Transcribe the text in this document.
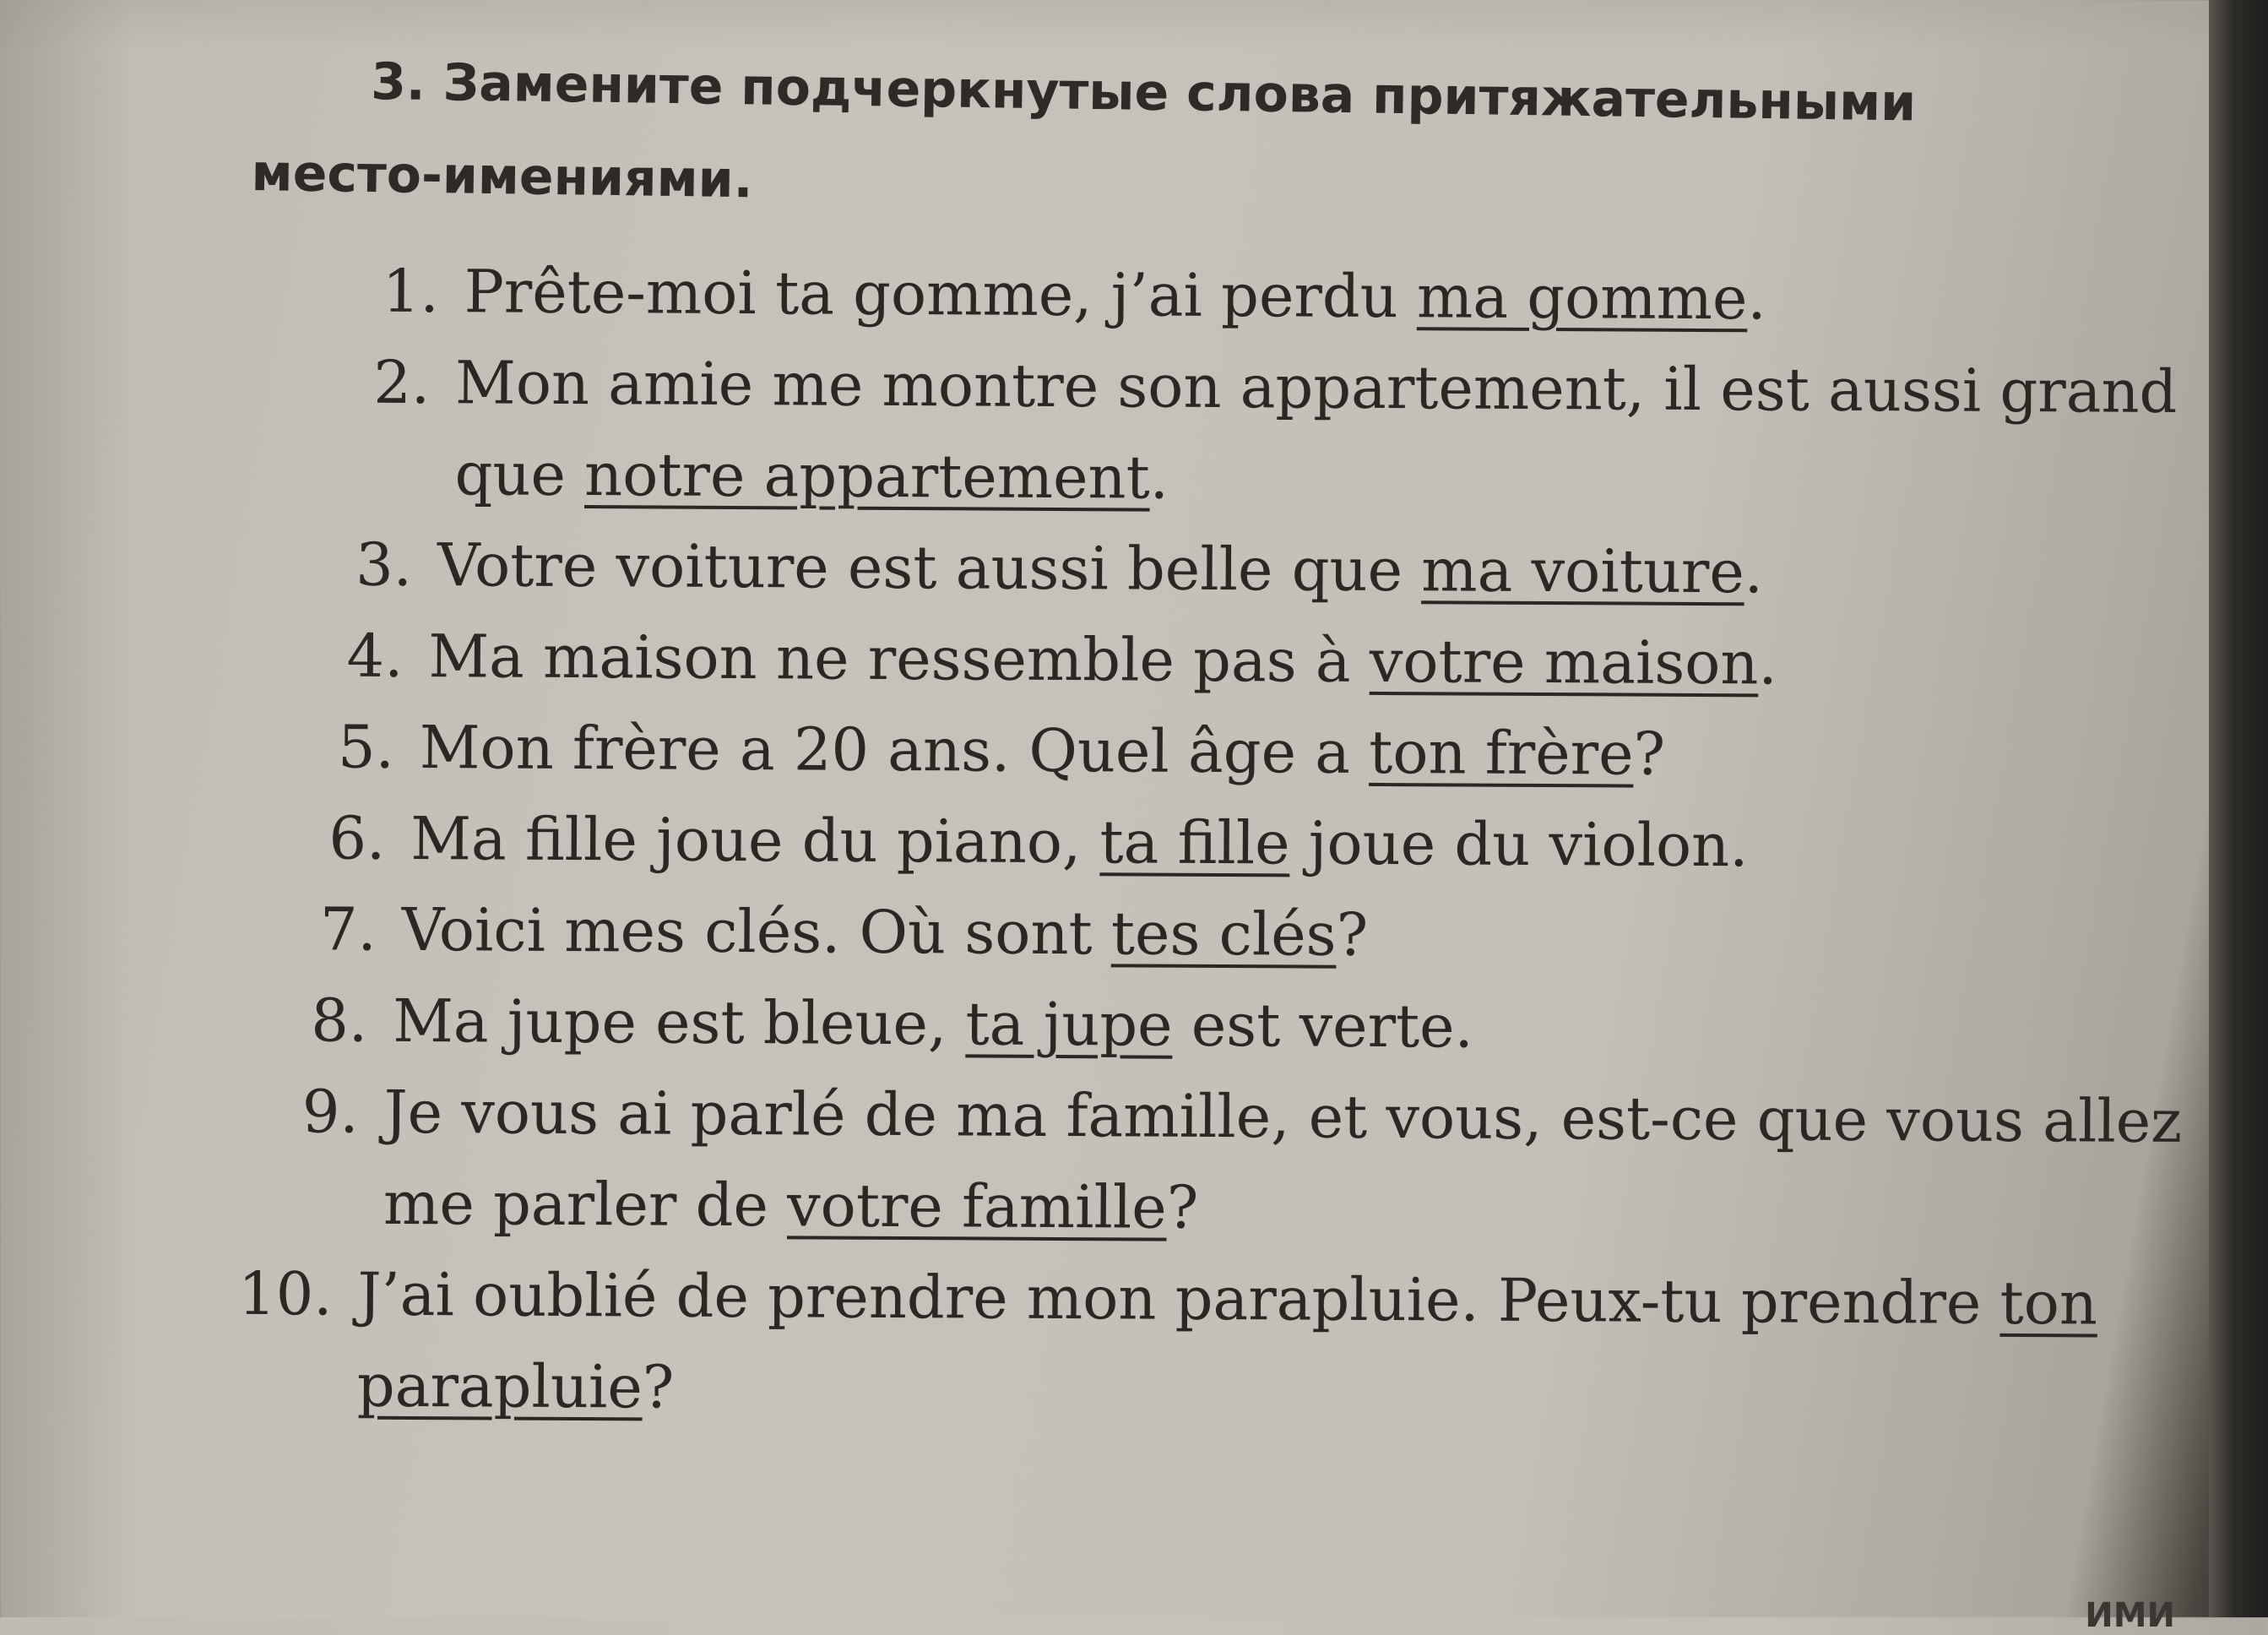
3. Замените подчеркнутые слова притяжательными место-имениями.

1. Prête-moi ta gomme, j’ai perdu ma gomme.
2. Mon amie me montre son appartement, il est aussi grand
que notre appartement.
3. Votre voiture est aussi belle que ma voiture.
4. Ma maison ne ressemble pas à votre maison.
5. Mon frère a 20 ans. Quel âge a ton frère?
6. Ma fille joue du piano, ta fille joue du violon.
7. Voici mes clés. Où sont tes clés?
8. Ma jupe est bleue, ta jupe est verte.
9. Je vous ai parlé de ma famille, et vous, est-ce que vous allez
me parler de votre famille?
10. J’ai oublié de prendre mon parapluie. Peux-tu prendre ton
parapluie?
ИМИ
